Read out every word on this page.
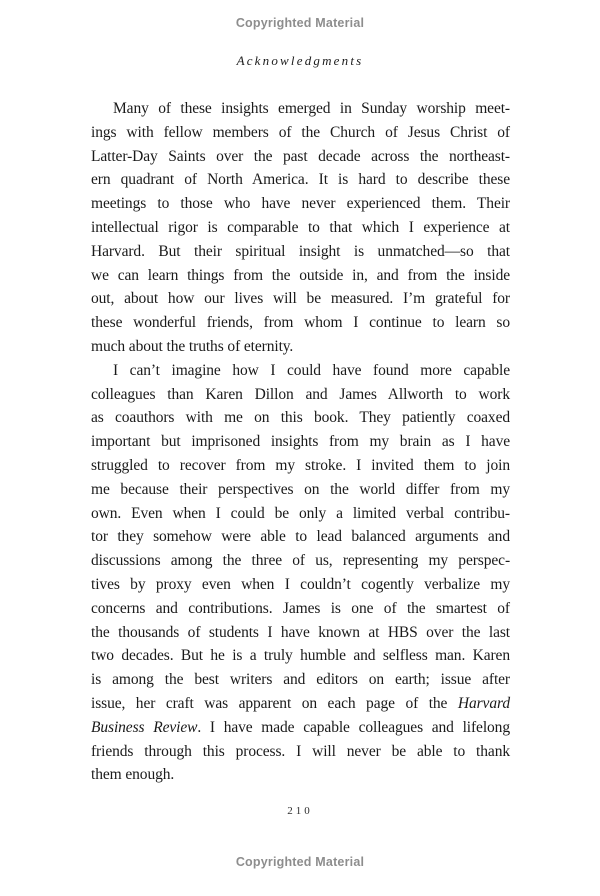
Copyrighted Material
Acknowledgments
Many of these insights emerged in Sunday worship meet-
ings with fellow members of the Church of Jesus Christ of
Latter-Day Saints over the past decade across the northeast-
ern quadrant of North America. It is hard to describe these
meetings to those who have never experienced them. Their
intellectual rigor is comparable to that which I experience at
Harvard. But their spiritual insight is unmatched—so that
we can learn things from the outside in, and from the inside
out, about how our lives will be measured. I’m grateful for
these wonderful friends, from whom I continue to learn so
much about the truths of eternity.
I can’t imagine how I could have found more capable
colleagues than Karen Dillon and James Allworth to work
as coauthors with me on this book. They patiently coaxed
important but imprisoned insights from my brain as I have
struggled to recover from my stroke. I invited them to join
me because their perspectives on the world differ from my
own. Even when I could be only a limited verbal contribu-
tor they somehow were able to lead balanced arguments and
discussions among the three of us, representing my perspec-
tives by proxy even when I couldn’t cogently verbalize my
concerns and contributions. James is one of the smartest of
the thousands of students I have known at HBS over the last
two decades. But he is a truly humble and selfless man. Karen
is among the best writers and editors on earth; issue after
issue, her craft was apparent on each page of the Harvard
Business Review. I have made capable colleagues and lifelong
friends through this process. I will never be able to thank
them enough.
210
Copyrighted Material
